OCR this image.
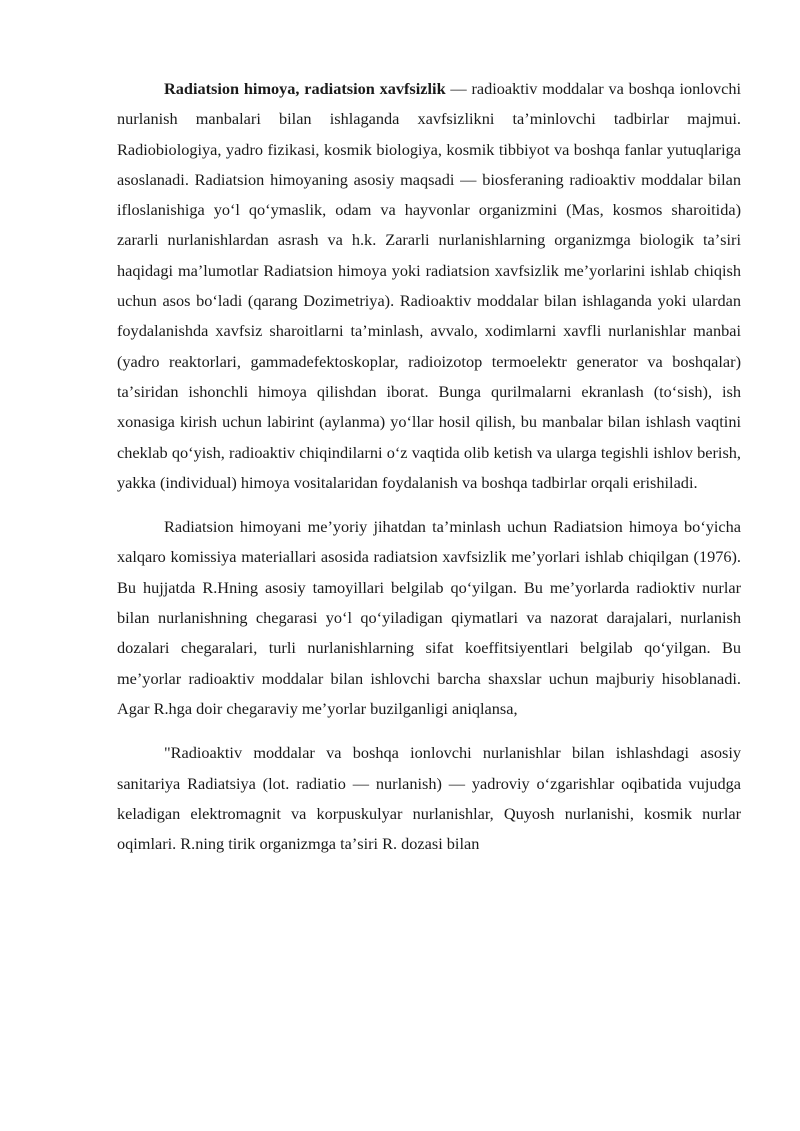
Radiatsion himoya, radiatsion xavfsizlik — radioaktiv moddalar va boshqa ionlovchi nurlanish manbalari bilan ishlaganda xavfsizlikni taʼminlovchi tadbirlar majmui. Radiobiologiya, yadro fizikasi, kosmik biologiya, kosmik tibbiyot va boshqa fanlar yutuqlariga asoslanadi. Radiatsion himoyaning asosiy maqsadi — biosferaning radioaktiv moddalar bilan ifloslanishiga yoʻl qoʻymaslik, odam va hayvonlar organizmini (Mas, kosmos sharoitida) zararli nurlanishlardan asrash va h.k. Zararli nurlanishlarning organizmga biologik taʼsiri haqidagi maʼlumotlar Radiatsion himoya yoki radiatsion xavfsizlik meʼyorlarini ishlab chiqish uchun asos boʻladi (qarang Dozimetriya). Radioaktiv moddalar bilan ishlaganda yoki ulardan foydalanishda xavfsiz sharoitlarni taʼminlash, avvalo, xodimlarni xavfli nurlanishlar manbai (yadro reaktorlari, gammadefektoskoplar, radioizotop termoelektr generator va boshqalar) taʼsiridan ishonchli himoya qilishdan iborat. Bunga qurilmalarni ekranlash (toʻsish), ish xonasiga kirish uchun labirint (aylanma) yoʻllar hosil qilish, bu manbalar bilan ishlash vaqtini cheklab qoʻyish, radioaktiv chiqindilarni oʻz vaqtida olib ketish va ularga tegishli ishlov berish, yakka (individual) himoya vositalaridan foydalanish va boshqa tadbirlar orqali erishiladi.

Radiatsion himoyani meʼyoriy jihatdan taʼminlash uchun Radiatsion himoya boʻyicha xalqaro komissiya materiallari asosida radiatsion xavfsizlik meʼyorlari ishlab chiqilgan (1976). Bu hujjatda R.Hning asosiy tamoyillari belgilab qoʻyilgan. Bu meʼyorlarda radioktiv nurlar bilan nurlanishning chegarasi yoʻl qoʻyiladigan qiymatlari va nazorat darajalari, nurlanish dozalari chegaralari, turli nurlanishlarning sifat koeffitsiyentlari belgilab qoʻyilgan. Bu meʼyorlar radioaktiv moddalar bilan ishlovchi barcha shaxslar uchun majburiy hisoblanadi. Agar R.hga doir chegaraviy meʼyorlar buzilganligi aniqlansa,

"Radioaktiv moddalar va boshqa ionlovchi nurlanishlar bilan ishlashdagi asosiy sanitariya Radiatsiya (lot. radiatio — nurlanish) — yadroviy oʻzgarishlar oqibatida vujudga keladigan elektromagnit va korpuskulyar nurlanishlar, Quyosh nurlanishi, kosmik nurlar oqimlari. R.ning tirik organizmga taʼsiri R. dozasi bilan
